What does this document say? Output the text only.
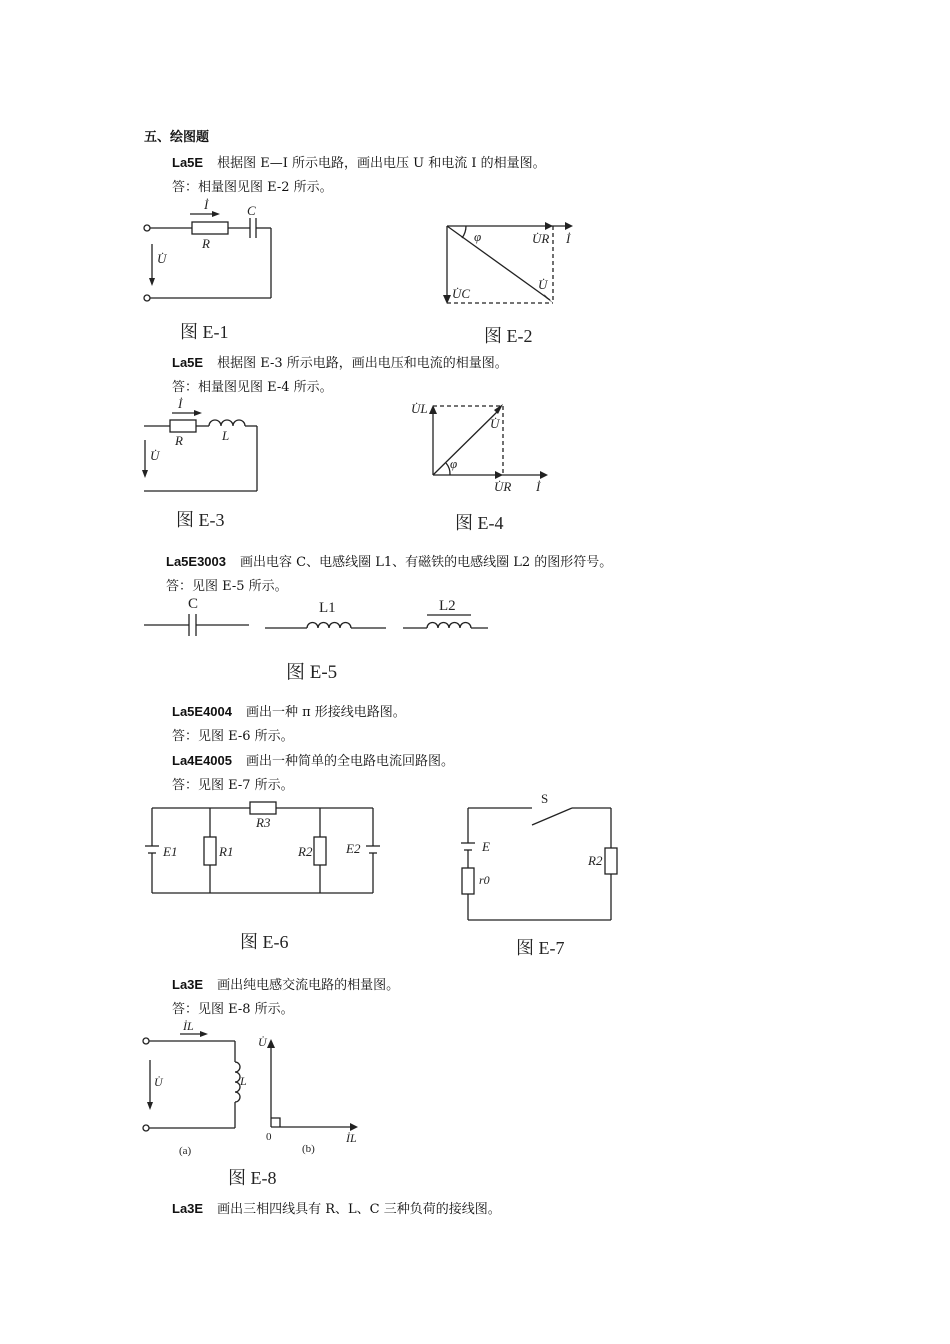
五、绘图题
La5E 根据图 E—I 所示电路，画出电压 U 和电流 I 的相量图。
答：相量图见图 E-2 所示。
İ	C
R
U̇
图 E-1
φ	U̇R İ
U̇
U̇C
图 E-2
La5E 根据图 E-3 所示电路，画出电压和电流的相量图。
答：相量图见图 E-4 所示。
İ
R	L
U̇
图 E-3
U̇L
U̇
φ
U̇R İ
图 E-4
La5E3003 画出电容 C、电感线圈 L1、有磁铁的电感线圈 L2 的图形符号。
答：见图 E-5 所示。
C	L1	L2
图 E-5
La5E4004 画出一种 π 形接线电路图。
答：见图 E-6 所示。
La4E4005 画出一种简单的全电路电流回路图。
答：见图 E-7 所示。
E1	R1
R3
R2	E2
图 E-6
S
E
r0
R2
图 E-7
La3E 画出纯电感交流电路的相量图。
答：见图 E-8 所示。
İL
U̇	L
U̇
0	İL
(a)	(b)
图 E-8
La3E 画出三相四线具有 R、L、C 三种负荷的接线图。
